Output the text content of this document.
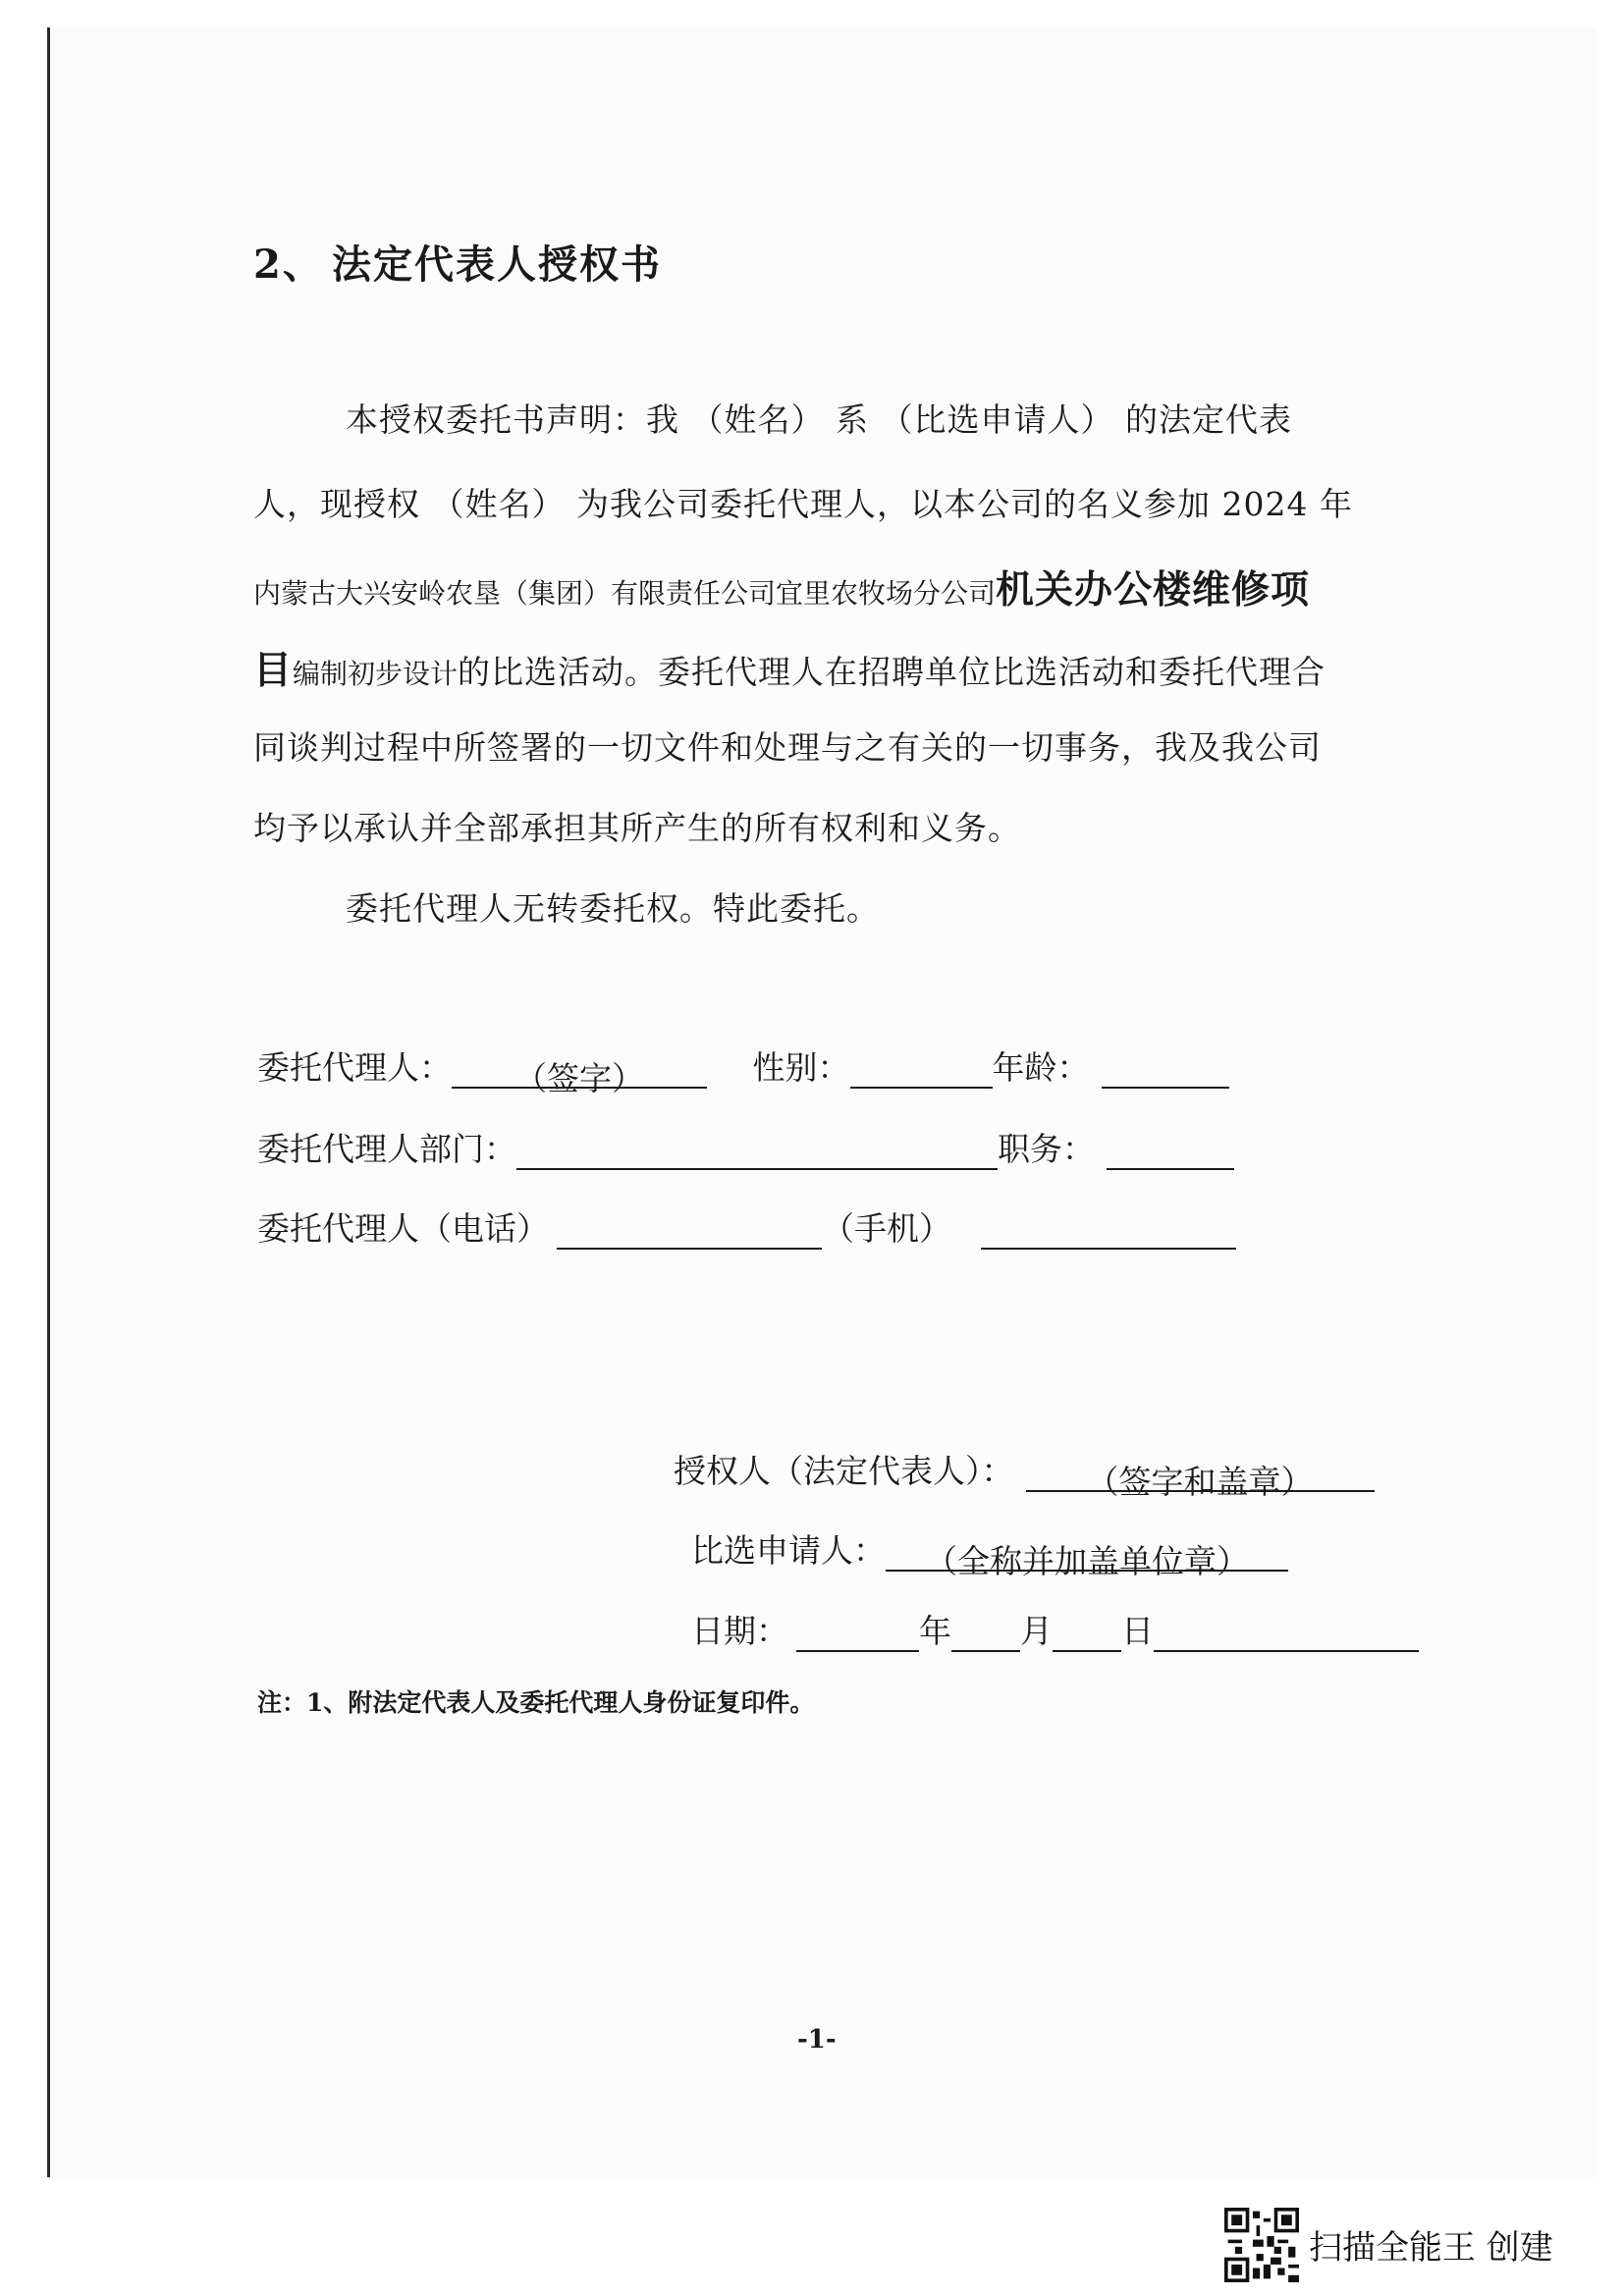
2、 法定代表人授权书
本授权委托书声明：我 （姓名） 系 （比选申请人） 的法定代表
人，现授权 （姓名） 为我公司委托代理人，以本公司的名义参加 2024 年
内蒙古大兴安岭农垦（集团）有限责任公司宜里农牧场分公司机关办公楼维修项
目编制初步设计的比选活动。委托代理人在招聘单位比选活动和委托代理合
同谈判过程中所签署的一切文件和处理与之有关的一切事务，我及我公司
均予以承认并全部承担其所产生的所有权利和义务。
委托代理人无转委托权。特此委托。
委托代理人： （签字）	性别：	年龄：
委托代理人部门：	职务：
委托代理人（电话）	（手机）
授权人（法定代表人）： （签字和盖章）
比选申请人： （全称并加盖单位章）
日期：	年 月 日
注：1、附法定代表人及委托代理人身份证复印件。
-1-
扫描全能王 创建
